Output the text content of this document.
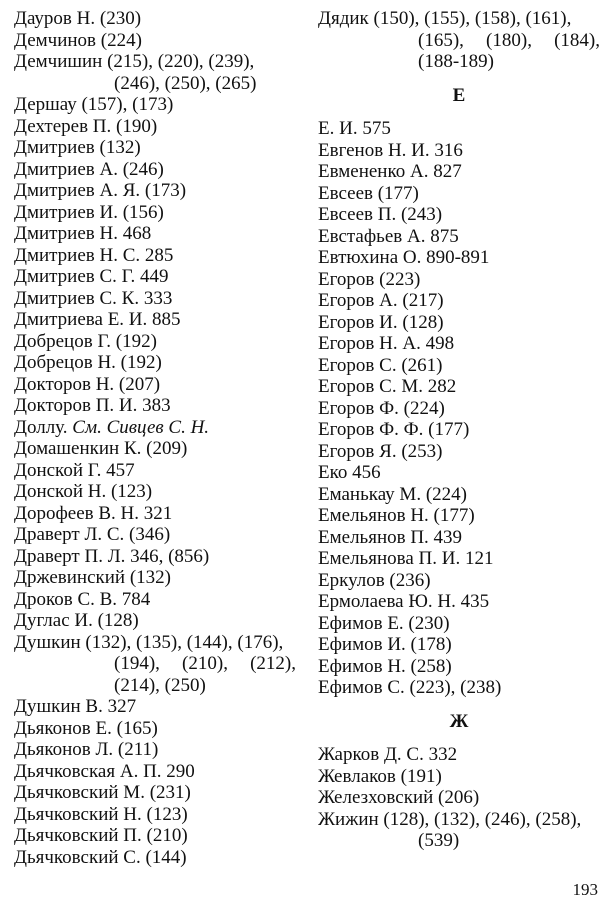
Дауров Н. (230)
Демчинов (224)
Демчишин (215), (220), (239),
(246), (250), (265)
Дершау (157), (173)
Дехтерев П. (190)
Дмитриев (132)
Дмитриев А. (246)
Дмитриев А. Я. (173)
Дмитриев И. (156)
Дмитриев Н. 468
Дмитриев Н. С. 285
Дмитриев С. Г. 449
Дмитриев С. К. 333
Дмитриева Е. И. 885
Добрецов Г. (192)
Добрецов Н. (192)
Докторов Н. (207)
Докторов П. И. 383
Доллу. См. Сивцев С. Н.
Домашенкин К. (209)
Донской Г. 457
Донской Н. (123)
Дорофеев В. Н. 321
Драверт Л. С. (346)
Драверт П. Л. 346, (856)
Држевинский (132)
Дроков С. В. 784
Дуглас И. (128)
Душкин (132), (135), (144), (176),
(194), (210), (212),
(214), (250)
Душкин В. 327
Дьяконов Е. (165)
Дьяконов Л. (211)
Дьячковская А. П. 290
Дьячковский М. (231)
Дьячковский Н. (123)
Дьячковский П. (210)
Дьячковский С. (144)
Дядик (150), (155), (158), (161),
(165), (180), (184),
(188-189)
Е
Е. И. 575
Евгенов Н. И. 316
Евмененко А. 827
Евсеев (177)
Евсеев П. (243)
Евстафьев А. 875
Евтюхина О. 890-891
Егоров (223)
Егоров А. (217)
Егоров И. (128)
Егоров Н. А. 498
Егоров С. (261)
Егоров С. М. 282
Егоров Ф. (224)
Егоров Ф. Ф. (177)
Егоров Я. (253)
Еко 456
Еманькау М. (224)
Емельянов Н. (177)
Емельянов П. 439
Емельянова П. И. 121
Еркулов (236)
Ермолаева Ю. Н. 435
Ефимов Е. (230)
Ефимов И. (178)
Ефимов Н. (258)
Ефимов С. (223), (238)
Ж
Жарков Д. С. 332
Жевлаков (191)
Железховский (206)
Жижин (128), (132), (246), (258),
(539)
193
